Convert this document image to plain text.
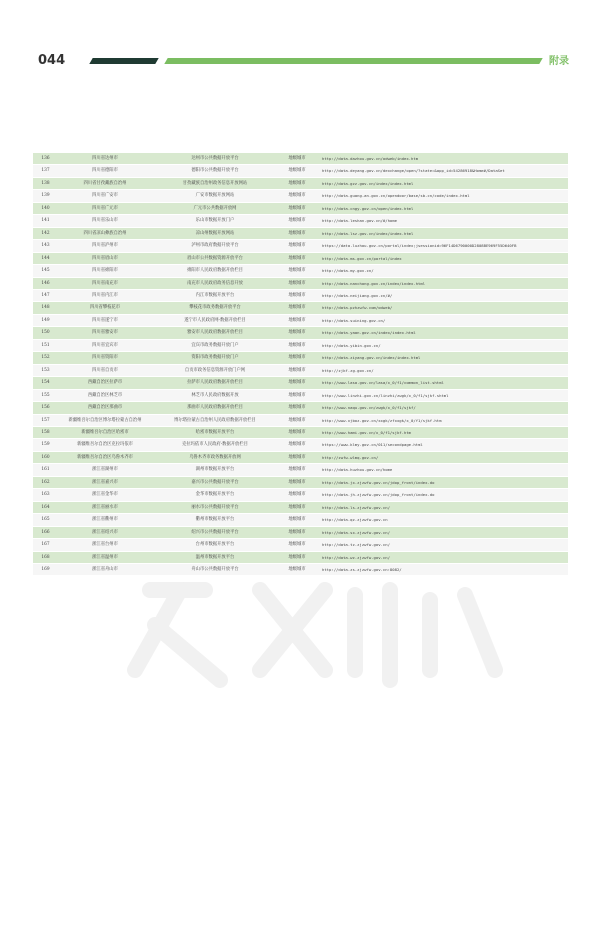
044	附录
136	四川省达州市	达州市公共数据开放平台	地级城市	http://data.dazhou.gov.cn/odweb/index.htm
137	四川省德阳市	德阳市公共数据开放平台	地级城市	http://data.deyang.gov.cn/dexchange/open/?state=&app_id=54286918&Home#/DataSet
138	四川省甘孜藏族自治州	甘孜藏族自治州政务信息开放网站	地级城市	http://data.gzz.gov.cn/index/index.html
139	四川省广安市	广安市数据开放网站	地级城市	http://data.guang-an.gov.cn/opendoor/base/sb-cn/code/index.html
140	四川省广元市	广元市公共数据开放网	地级城市	http://data.cngy.gov.cn/open/index.html
141	四川省乐山市	乐山市数据开放门户	地级城市	http://data.leshan.gov.cn/#/home
142	四川省凉山彝族自治州	凉山州数据开放网站	地级城市	http://data.lsz.gov.cn/index/index.html
143	四川省泸州市	泸州市政府数据开放平台	地级城市	https://data.luzhou.gov.cn/portal/index;jsessionid=96F14D6790000D2808BE969F55D640FB
144	四川省眉山市	眉山市公共数据资源开放平台	地级城市	http://data.ms.gov.cn/portal/index
145	四川省绵阳市	绵阳市人民政府数据开放栏目	地级城市	http://data.my.gov.cn/
146	四川省南充市	南充市人民政府政务信息开放	地级城市	http://data.nanchong.gov.cn/index/index.html
147	四川省内江市	内江市数据开放平台	地级城市	http://data.neijiang.gov.cn/#/
148	四川省攀枝花市	攀枝花市政务数据开放平台	地级城市	http://data.pzhzwfw.com/odweb/
149	四川省遂宁市	遂宁市人民政府网-数据开放栏目	地级城市	http://data.suining.gov.cn/
150	四川省雅安市	雅安市人民政府数据开放栏目	地级城市	http://data.yaan.gov.cn/index/index.html
151	四川省宜宾市	宜宾市政务数据开放门户	地级城市	http://data.yibin.gov.cn/
152	四川省资阳市	资阳市政务数据开放门户	地级城市	http://data.ziyang.gov.cn/index/index.html
153	四川省自贡市	自贡市政务信息资源开放门户网	地级城市	http://zjkf.zg.gov.cn/
154	西藏自治区拉萨市	拉萨市人民政府数据开放栏目	地级城市	http://www.lasa.gov.cn/lasa/x_0/f1/common_list.shtml
155	西藏自治区林芝市	林芝市人民政府数据开放	地级城市	http://www.linzhi.gov.cn/linzhi/zwgk/x_0/f1/sjkf.shtml
156	西藏自治区那曲市	那曲市人民政府数据开放栏目	地级城市	http://www.naqu.gov.cn/zwgk/x_0/f1/sjkf/
157	新疆维吾尔自治区博尔塔拉蒙古自治州	博尔塔拉蒙古自治州人民政府数据开放栏目	地级城市	http://www.xjboz.gov.cn/xxgk/zfxxgk/x_0/f1/sjkf.htm
158	新疆维吾尔自治区哈密市	哈密市数据开放平台	地级城市	http://www.hami.gov.cn/x_0/f1/sjkf.htm
159	新疆维吾尔自治区克拉玛依市	克拉玛依市人民政府-数据开放栏目	地级城市	https://www.klmy.gov.cn/011/secondpage.html
160	新疆维吾尔自治区乌鲁木齐市	乌鲁木齐市政务数据开放网	地级城市	http://zwfw.wlmq.gov.cn/
161	浙江省湖州市	湖州市数据开放平台	地级城市	http://data.huzhou.gov.cn/home
162	浙江省嘉兴市	嘉兴市公共数据开放平台	地级城市	http://data.jx.zjzwfw.gov.cn/jdop_front/index.do
163	浙江省金华市	金华市数据开放平台	地级城市	http://data.jh.zjzwfw.gov.cn/jdop_front/index.do
164	浙江省丽水市	丽水市公共数据开放平台	地级城市	http://data.ls.zjzwfw.gov.cn/
165	浙江省衢州市	衢州市数据开放平台	地级城市	http://data.qz.zjzwfw.gov.cn
166	浙江省绍兴市	绍兴市公共数据开放平台	地级城市	http://data.sx.zjzwfw.gov.cn/
167	浙江省台州市	台州市数据开放平台	地级城市	http://data.tz.zjzwfw.gov.cn/
168	浙江省温州市	温州市数据开放平台	地级城市	http://data.wz.zjzwfw.gov.cn/
169	浙江省舟山市	舟山市公共数据开放平台	地级城市	http://data.zs.zjzwfw.gov.cn:8082/
